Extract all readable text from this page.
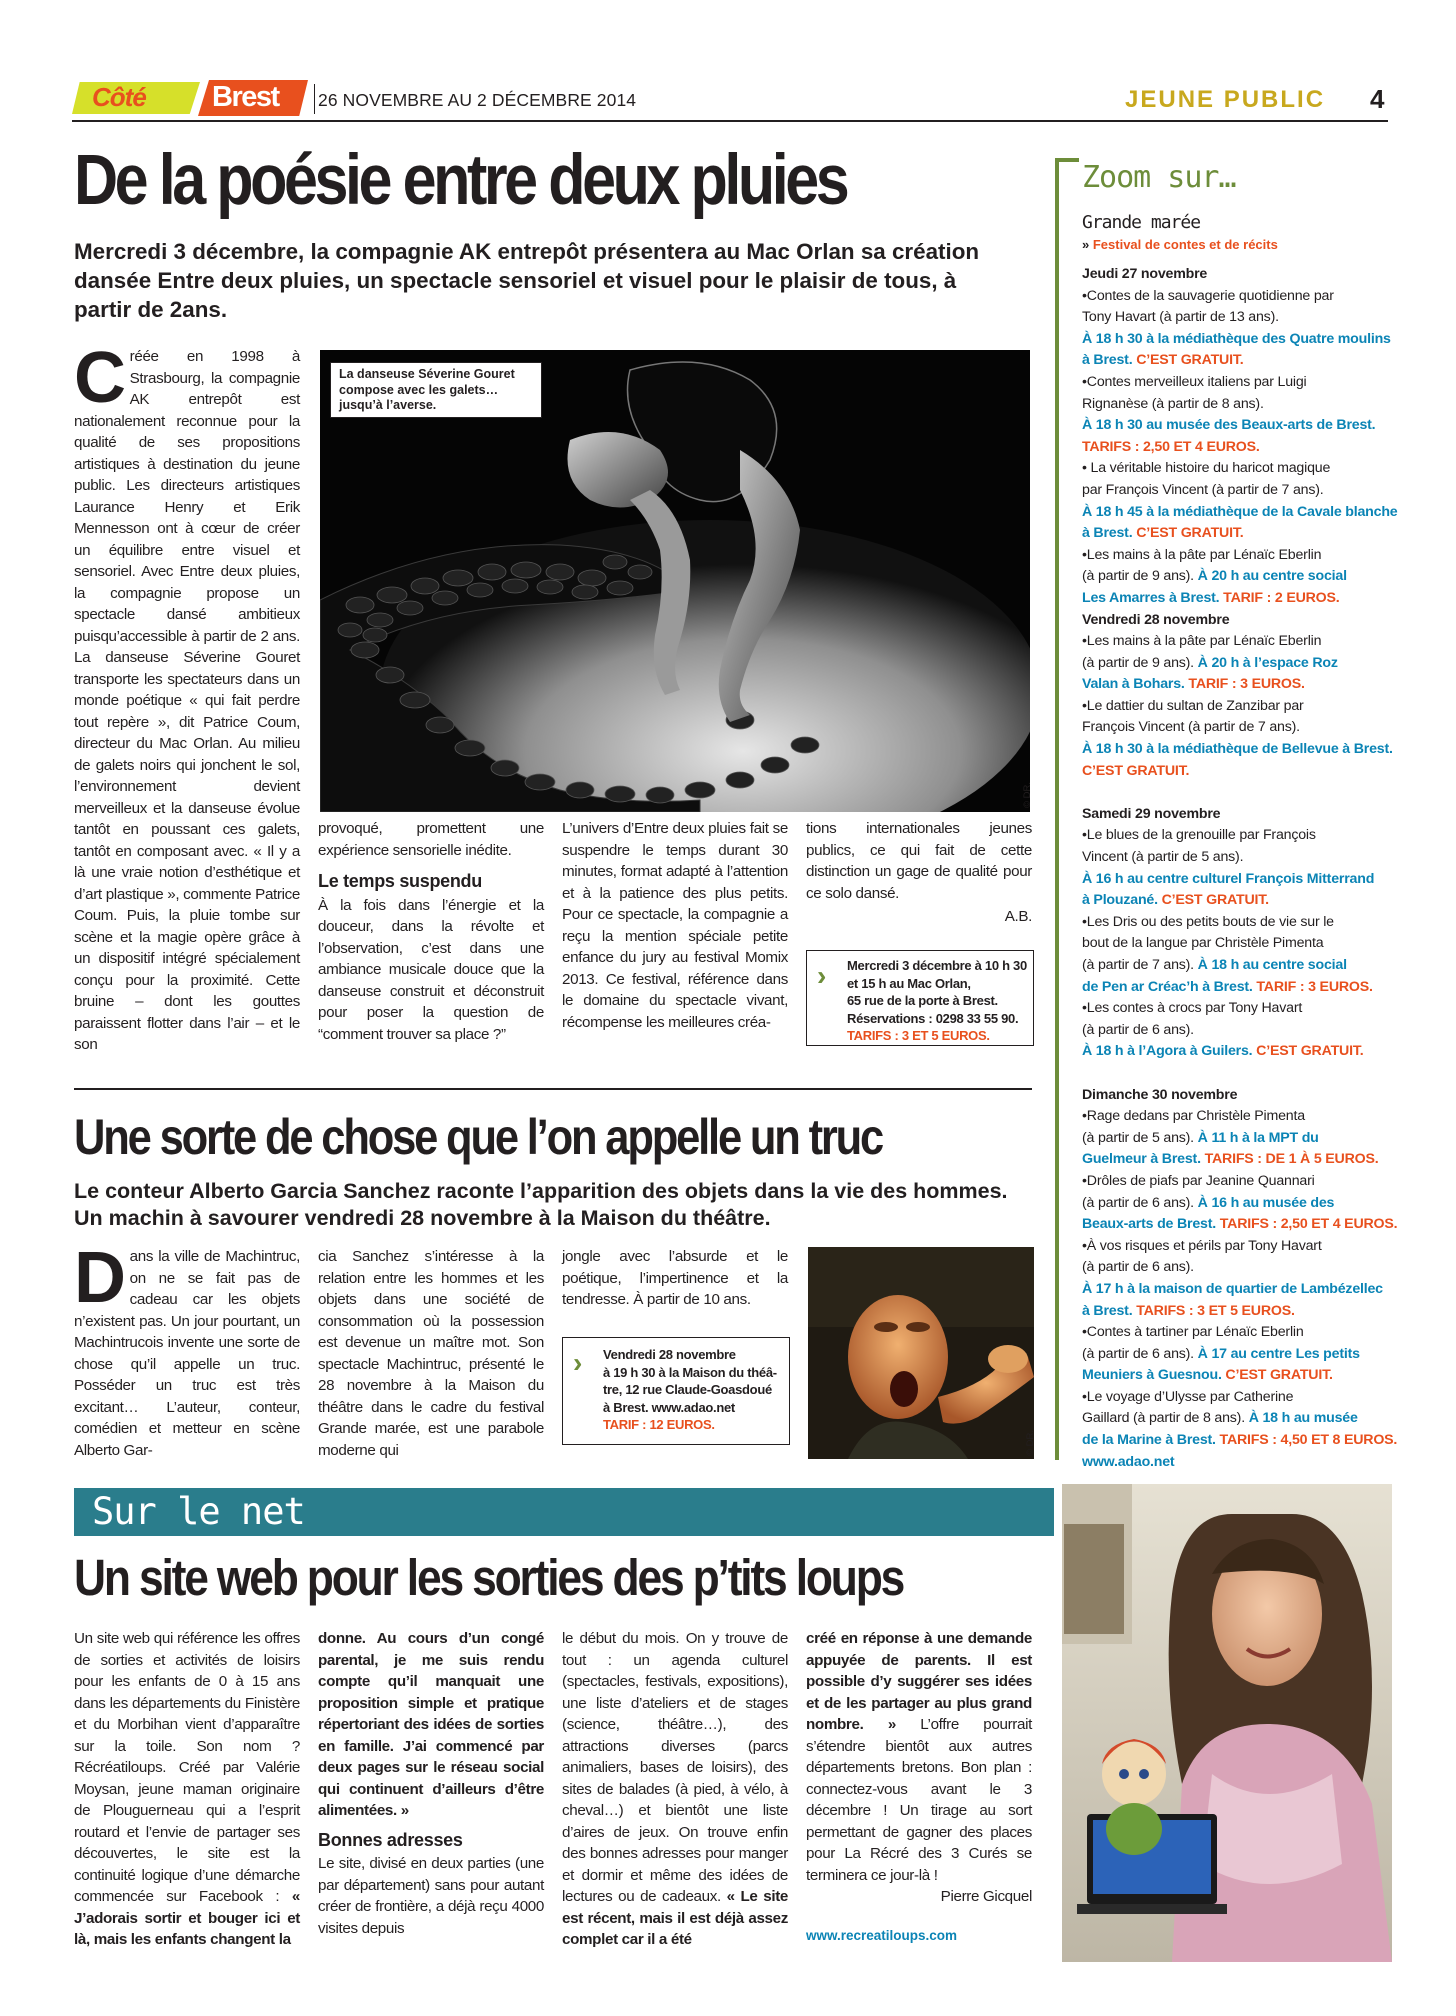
Côté Brest 26 NOVEMBRE AU 2 DÉCEMBRE 2014	JEUNE PUBLIC 4
De la poésie entre deux pluies

Mercredi 3 décembre, la compagnie AK entrepôt présentera au Mac Orlan sa création dansée Entre deux pluies, un spectacle sensoriel et visuel pour le plaisir de tous, à partir de 2ans.

La danseuse Séverine Gouret compose avec les galets… jusqu’à l’averse.
© DR.
C réée en 1998 à Strasbourg, la compagnie AK entrepôt est nationalement reconnue pour la qualité de ses propositions artistiques à destination du jeune public. Les directeurs artistiques Laurance Henry et Erik Mennesson ont à cœur de créer un équilibre entre visuel et sensoriel. Avec Entre deux pluies, la compagnie propose un spectacle dansé ambitieux puisqu’accessible à partir de 2 ans. La danseuse Séverine Gouret transporte les spectateurs dans un monde poétique « qui fait perdre tout repère », dit Patrice Coum, directeur du Mac Orlan. Au milieu de galets noirs qui jonchent le sol, l’environnement devient merveilleux et la danseuse évolue tantôt en poussant ces galets, tantôt en composant avec. « Il y a là une vraie notion d’esthétique et d’art plastique », commente Patrice Coum. Puis, la pluie tombe sur scène et la magie opère grâce à un dispositif intégré spécialement conçu pour la proximité. Cette bruine – dont les gouttes paraissent flotter dans l’air – et le son
provoqué, promettent une expérience sensorielle inédite.
Le temps suspendu
À la fois dans l’énergie et la douceur, dans la révolte et l’observation, c’est dans une ambiance musicale douce que la danseuse construit et déconstruit pour poser la question de “comment trouver sa place ?”
L’univers d’Entre deux pluies fait se suspendre le temps durant 30 minutes, format adapté à l’attention et à la patience des plus petits. Pour ce spectacle, la compagnie a reçu la mention spéciale petite enfance du jury au festival Momix 2013. Ce festival, référence dans le domaine du spectacle vivant, récompense les meilleures créa-
tions internationales jeunes publics, ce qui fait de cette distinction un gage de qualité pour ce solo dansé.
A.B.
›	Mercredi 3 décembre à 10 h 30
et 15 h au Mac Orlan,
65 rue de la porte à Brest.
Réservations : 0298 33 55 90.
TARIFS : 3 ET 5 EUROS.
Une sorte de chose que l’on appelle un truc

Le conteur Alberto Garcia Sanchez raconte l’apparition des objets dans la vie des hommes. Un machin à savourer vendredi 28 novembre à la Maison du théâtre.

D ans la ville de Machintruc, on ne se fait pas de cadeau car les objets n’existent pas. Un jour pourtant, un Machintrucois invente une sorte de chose qu’il appelle un truc. Posséder un truc est très excitant… L’auteur, conteur, comédien et metteur en scène Alberto Gar-
cia Sanchez s’intéresse à la relation entre les hommes et les objets dans une société de consommation où la possession est devenue un maître mot. Son spectacle Machintruc, présenté le 28 novembre à la Maison du théâtre dans le cadre du festival Grande marée, est une parabole moderne qui
jongle avec l’absurde et le poétique, l’impertinence et la tendresse. À partir de 10 ans.
›	Vendredi 28 novembre
à 19 h 30 à la Maison du théâ-
tre, 12 rue Claude-Goasdoué
à Brest. www.adao.net
TARIF : 12 EUROS.
© DR.
Zoom sur…
Grande marée
» Festival de contes et de récits
Jeudi 27 novembre
•Contes de la sauvagerie quotidienne par
Tony Havart (à partir de 13 ans).
À 18 h 30 à la médiathèque des Quatre moulins
à Brest. C’EST GRATUIT.
•Contes merveilleux italiens par Luigi
Rignanèse (à partir de 8 ans).
À 18 h 30 au musée des Beaux-arts de Brest.
TARIFS : 2,50 ET 4 EUROS.
• La véritable histoire du haricot magique
par François Vincent (à partir de 7 ans).
À 18 h 45 à la médiathèque de la Cavale blanche
à Brest. C’EST GRATUIT.
•Les mains à la pâte par Lénaïc Eberlin
(à partir de 9 ans). À 20 h au centre social
Les Amarres à Brest. TARIF : 2 EUROS.
Vendredi 28 novembre
•Les mains à la pâte par Lénaïc Eberlin
(à partir de 9 ans). À 20 h à l’espace Roz
Valan à Bohars. TARIF : 3 EUROS.
•Le dattier du sultan de Zanzibar par
François Vincent (à partir de 7 ans).
À 18 h 30 à la médiathèque de Bellevue à Brest.
C’EST GRATUIT.
Samedi 29 novembre
•Le blues de la grenouille par François
Vincent (à partir de 5 ans).
À 16 h au centre culturel François Mitterrand
à Plouzané. C’EST GRATUIT.
•Les Dris ou des petits bouts de vie sur le
bout de la langue par Christèle Pimenta
(à partir de 7 ans). À 18 h au centre social
de Pen ar Créac’h à Brest. TARIF : 3 EUROS.
•Les contes à crocs par Tony Havart
(à partir de 6 ans).
À 18 h à l’Agora à Guilers. C’EST GRATUIT.
Dimanche 30 novembre
•Rage dedans par Christèle Pimenta
(à partir de 5 ans). À 11 h à la MPT du
Guelmeur à Brest. TARIFS : DE 1 À 5 EUROS.
•Drôles de piafs par Jeanine Quannari
(à partir de 6 ans). À 16 h au musée des
Beaux-arts de Brest. TARIFS : 2,50 ET 4 EUROS.
•À vos risques et périls par Tony Havart
(à partir de 6 ans).
À 17 h à la maison de quartier de Lambézellec
à Brest. TARIFS : 3 ET 5 EUROS.
•Contes à tartiner par Lénaïc Eberlin
(à partir de 6 ans). À 17 au centre Les petits
Meuniers à Guesnou. C’EST GRATUIT.
•Le voyage d’Ulysse par Catherine
Gaillard (à partir de 8 ans). À 18 h au musée
de la Marine à Brest. TARIFS : 4,50 ET 8 EUROS.
www.adao.net
Sur le net
Un site web pour les sorties des p’tits loups
Un site web qui référence les offres de sorties et activités de loisirs pour les enfants de 0 à 15 ans dans les départements du Finistère et du Morbihan vient d’apparaître sur la toile. Son nom ? Récréatiloups. Créé par Valérie Moysan, jeune maman originaire de Plouguerneau qui a l’esprit routard et l’envie de partager ses découvertes, le site est la continuité logique d’une démarche commencée sur Facebook : « J’adorais sortir et bouger ici et là, mais les enfants changent la
donne. Au cours d’un congé parental, je me suis rendu compte qu’il manquait une proposition simple et pratique répertoriant des idées de sorties en famille. J’ai commencé par deux pages sur le réseau social qui continuent d’ailleurs d’être alimentées. »
Bonnes adresses
Le site, divisé en deux parties (une par département) sans pour autant créer de frontière, a déjà reçu 4000 visites depuis
le début du mois. On y trouve de tout : un agenda culturel (spectacles, festivals, expositions), une liste d’ateliers et de stages (science, théâtre…), des attractions diverses (parcs animaliers, bases de loisirs), des sites de balades (à pied, à vélo, à cheval…) et bientôt une liste d’aires de jeux. On trouve enfin des bonnes adresses pour manger et dormir et même des idées de lectures ou de cadeaux. « Le site est récent, mais il est déjà assez complet car il a été
créé en réponse à une demande appuyée de parents. Il est possible d’y suggérer ses idées et de les partager au plus grand nombre. » L’offre pourrait s’étendre bientôt aux autres départements bretons. Bon plan : connectez-vous avant le 3 décembre ! Un tirage au sort permettant de gagner des places pour La Récré des 3 Curés se terminera ce jour-là !
Pierre Gicquel
www.recreatiloups.com
